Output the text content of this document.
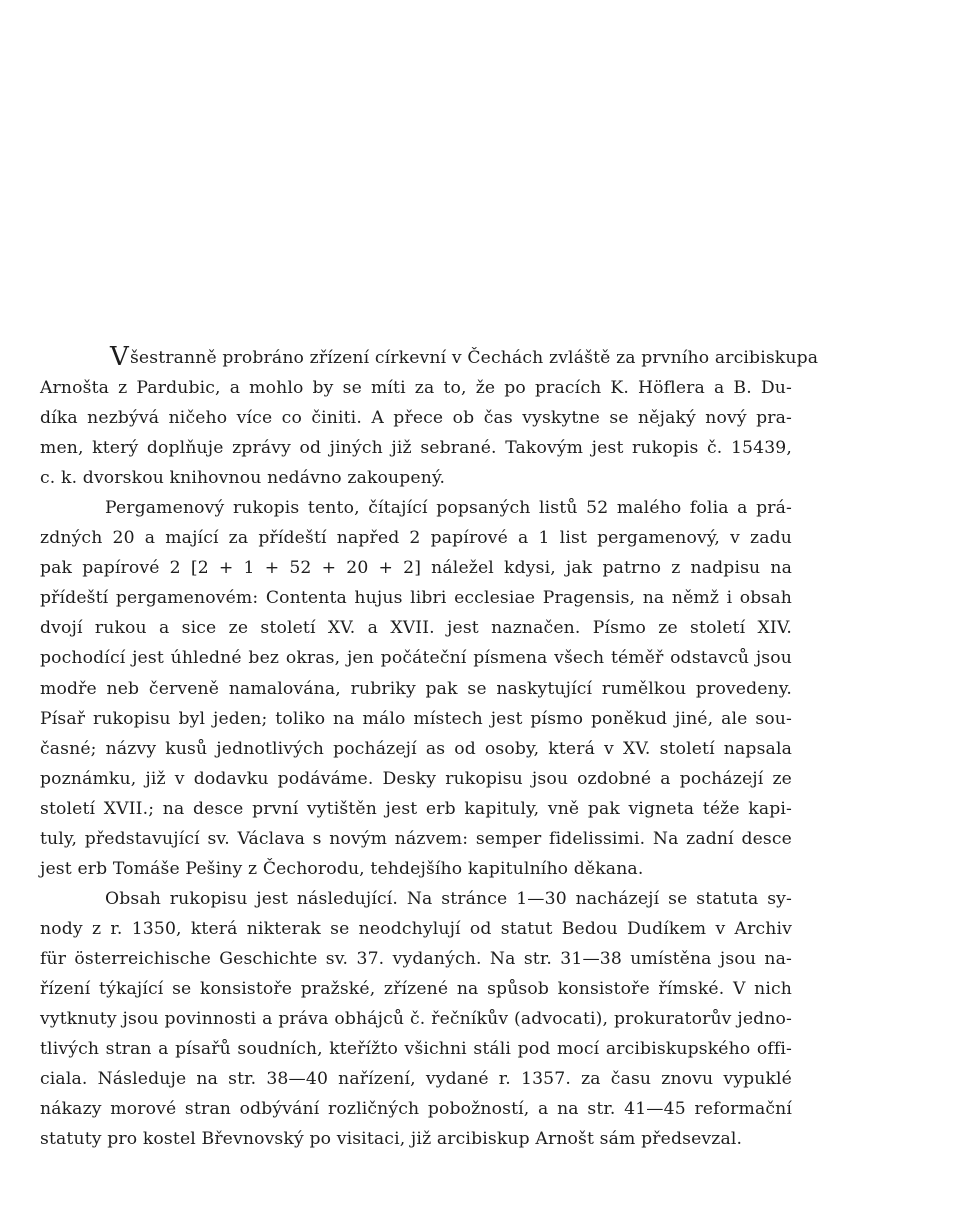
Všestranně probráno zřízení církevní v Čechách zvláště za prvního arcibiskupa
Arnošta z Pardubic, a mohlo by se míti za to, že po pracích K. Höflera a B. Du-
díka nezbývá ničeho více co činiti. A přece ob čas vyskytne se nějaký nový pra-
men, který doplňuje zprávy od jiných již sebrané. Takovým jest rukopis č. 15439,
c. k. dvorskou knihovnou nedávno zakoupený.
Pergamenový rukopis tento, čítající popsaných listů 52 malého folia a prá-
zdných 20 a mající za přídeští napřed 2 papírové a 1 list pergamenový, v zadu
pak papírové 2 [2 + 1 + 52 + 20 + 2] náležel kdysi, jak patrno z nadpisu na
přídeští pergamenovém: Contenta hujus libri ecclesiae Pragensis, na němž i obsah
dvojí rukou a sice ze století XV. a XVII. jest naznačen. Písmo ze století XIV.
pochodící jest úhledné bez okras, jen počáteční písmena všech téměř odstavců jsou
modře neb červeně namalována, rubriky pak se naskytující rumělkou provedeny.
Písař rukopisu byl jeden; toliko na málo místech jest písmo poněkud jiné, ale sou-
časné; názvy kusů jednotlivých pocházejí as od osoby, která v XV. století napsala
poznámku, již v dodavku podáváme. Desky rukopisu jsou ozdobné a pocházejí ze
století XVII.; na desce první vytištěn jest erb kapituly, vně pak vigneta téže kapi-
tuly, představující sv. Václava s novým názvem: semper fidelissimi. Na zadní desce
jest erb Tomáše Pešiny z Čechorodu, tehdejšího kapitulního děkana.
Obsah rukopisu jest následující. Na stránce 1—30 nacházejí se statuta sy-
nody z r. 1350, která nikterak se neodchylují od statut Bedou Dudíkem v Archiv
für österreichische Geschichte sv. 37. vydaných. Na str. 31—38 umístěna jsou na-
řízení týkající se konsistoře pražské, zřízené na spůsob konsistoře římské. V nich
vytknuty jsou povinnosti a práva obhájců č. řečníkův (advocati), prokuratorův jedno-
tlivých stran a písařů soudních, kteřížto všichni stáli pod mocí arcibiskupského offi-
ciala. Následuje na str. 38—40 nařízení, vydané r. 1357. za času znovu vypuklé
nákazy morové stran odbývání rozličných pobožností, a na str. 41—45 reformační
statuty pro kostel Břevnovský po visitaci, již arcibiskup Arnošt sám předsevzal.
